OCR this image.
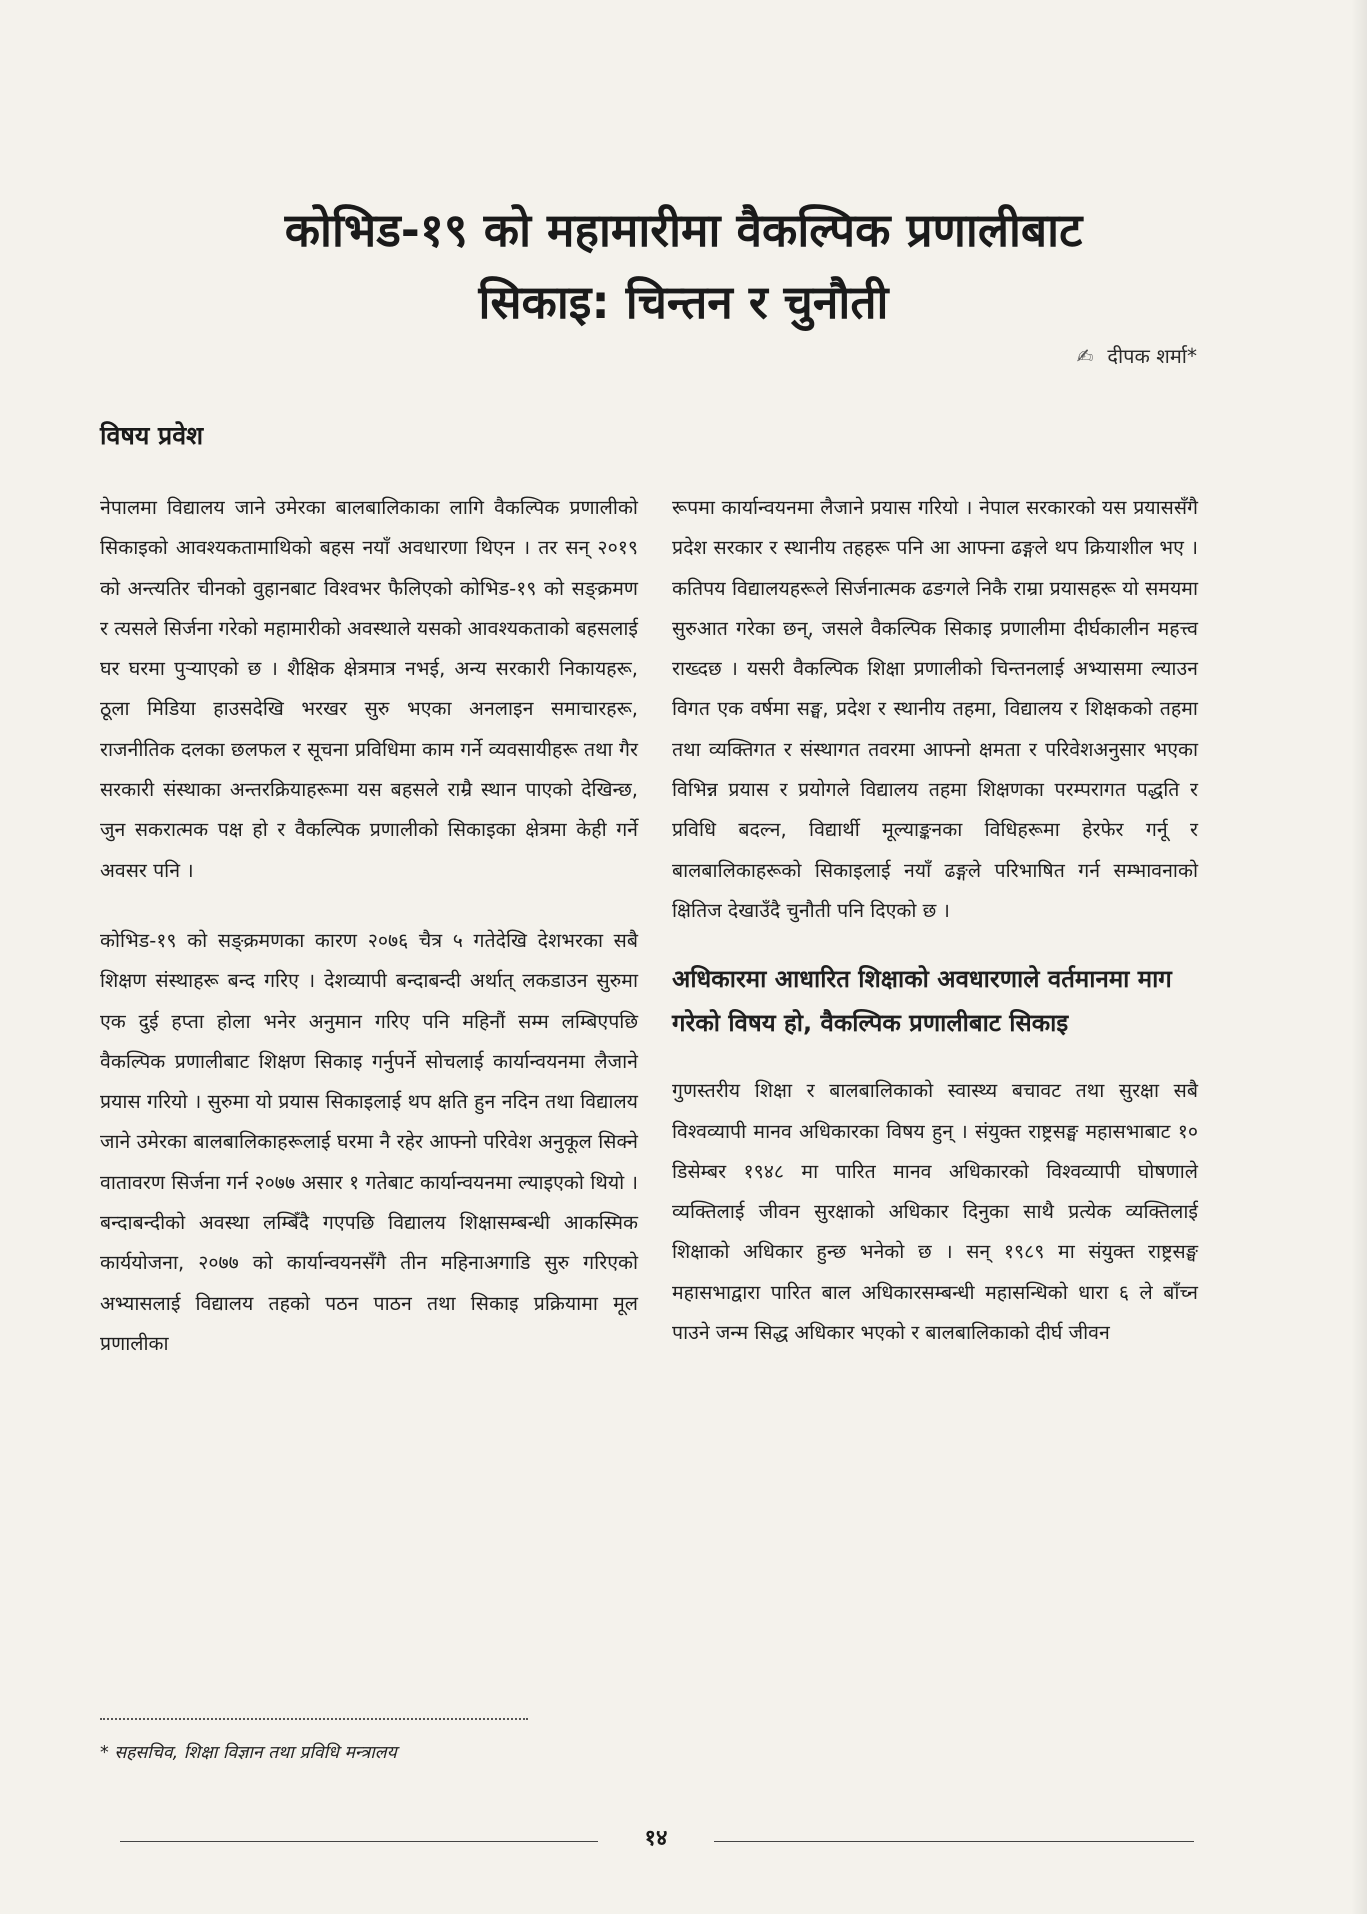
कोभिड-१९ को महामारीमा वैकल्पिक प्रणालीबाट
सिकाइ: चिन्तन र चुनौती
✍ दीपक शर्मा*
विषय प्रवेश

नेपालमा विद्यालय जाने उमेरका बालबालिकाका लागि वैकल्पिक प्रणालीको सिकाइको आवश्यकतामाथिको बहस नयाँ अवधारणा थिएन । तर सन् २०१९ को अन्त्यतिर चीनको वुहानबाट विश्वभर फैलिएको कोभिड-१९ को सङ्क्रमण र त्यसले सिर्जना गरेको महामारीको अवस्थाले यसको आवश्यकताको बहसलाई घर घरमा पुर्‍याएको छ । शैक्षिक क्षेत्रमात्र नभई, अन्य सरकारी निकायहरू, ठूला मिडिया हाउसदेखि भरखर सुरु भएका अनलाइन समाचारहरू, राजनीतिक दलका छलफल र सूचना प्रविधिमा काम गर्ने व्यवसायीहरू तथा गैर सरकारी संस्थाका अन्तरक्रियाहरूमा यस बहसले राम्रै स्थान पाएको देखिन्छ, जुन सकरात्मक पक्ष हो र वैकल्पिक प्रणालीको सिकाइका क्षेत्रमा केही गर्ने अवसर पनि ।

कोभिड-१९ को सङ्क्रमणका कारण २०७६ चैत्र ५ गतेदेखि देशभरका सबै शिक्षण संस्थाहरू बन्द गरिए । देशव्यापी बन्दाबन्दी अर्थात् लकडाउन सुरुमा एक दुई हप्ता होला भनेर अनुमान गरिए पनि महिनौं सम्म लम्बिएपछि वैकल्पिक प्रणालीबाट शिक्षण सिकाइ गर्नुपर्ने सोचलाई कार्यान्वयनमा लैजाने प्रयास गरियो । सुरुमा यो प्रयास सिकाइलाई थप क्षति हुन नदिन तथा विद्यालय जाने उमेरका बालबालिकाहरूलाई घरमा नै रहेर आफ्नो परिवेश अनुकूल सिक्ने वातावरण सिर्जना गर्न २०७७ असार १ गतेबाट कार्यान्वयनमा ल्याइएको थियो । बन्दाबन्दीको अवस्था लम्बिँदै गएपछि विद्यालय शिक्षासम्बन्धी आकस्मिक कार्ययोजना, २०७७ को कार्यान्वयनसँगै तीन महिनाअगाडि सुरु गरिएको अभ्यासलाई विद्यालय तहको पठन पाठन तथा सिकाइ प्रक्रियामा मूल प्रणालीका

रूपमा कार्यान्वयनमा लैजाने प्रयास गरियो । नेपाल सरकारको यस प्रयाससँगै प्रदेश सरकार र स्थानीय तहहरू पनि आ आफ्ना ढङ्गले थप क्रियाशील भए । कतिपय विद्यालयहरूले सिर्जनात्मक ढङगले निकै राम्रा प्रयासहरू यो समयमा सुरुआत गरेका छन्, जसले वैकल्पिक सिकाइ प्रणालीमा दीर्घकालीन महत्त्व राख्दछ । यसरी वैकल्पिक शिक्षा प्रणालीको चिन्तनलाई अभ्यासमा ल्याउन विगत एक वर्षमा सङ्घ, प्रदेश र स्थानीय तहमा, विद्यालय र शिक्षकको तहमा तथा व्यक्तिगत र संस्थागत तवरमा आफ्नो क्षमता र परिवेशअनुसार भएका विभिन्न प्रयास र प्रयोगले विद्यालय तहमा शिक्षणका परम्परागत पद्धति र प्रविधि बदल्न, विद्यार्थी मूल्याङ्कनका विधिहरूमा हेरफेर गर्नू र बालबालिकाहरूको सिकाइलाई नयाँ ढङ्गले परिभाषित गर्न सम्भावनाको क्षितिज देखाउँदै चुनौती पनि दिएको छ ।

अधिकारमा आधारित शिक्षाको अवधारणाले वर्तमानमा माग गरेको विषय हो, वैकल्पिक प्रणालीबाट सिकाइ

गुणस्तरीय शिक्षा र बालबालिकाको स्वास्थ्य बचावट तथा सुरक्षा सबै विश्वव्यापी मानव अधिकारका विषय हुन् । संयुक्त राष्ट्रसङ्घ महासभाबाट १० डिसेम्बर १९४८ मा पारित मानव अधिकारको विश्वव्यापी घोषणाले व्यक्तिलाई जीवन सुरक्षाको अधिकार दिनुका साथै प्रत्येक व्यक्तिलाई शिक्षाको अधिकार हुन्छ भनेको छ । सन् १९८९ मा संयुक्त राष्ट्रसङ्घ महासभाद्वारा पारित बाल अधिकारसम्बन्धी महासन्धिको धारा ६ ले बाँच्न पाउने जन्म सिद्ध अधिकार भएको र बालबालिकाको दीर्घ जीवन

* सहसचिव, शिक्षा विज्ञान तथा प्रविधि मन्त्रालय
१४
